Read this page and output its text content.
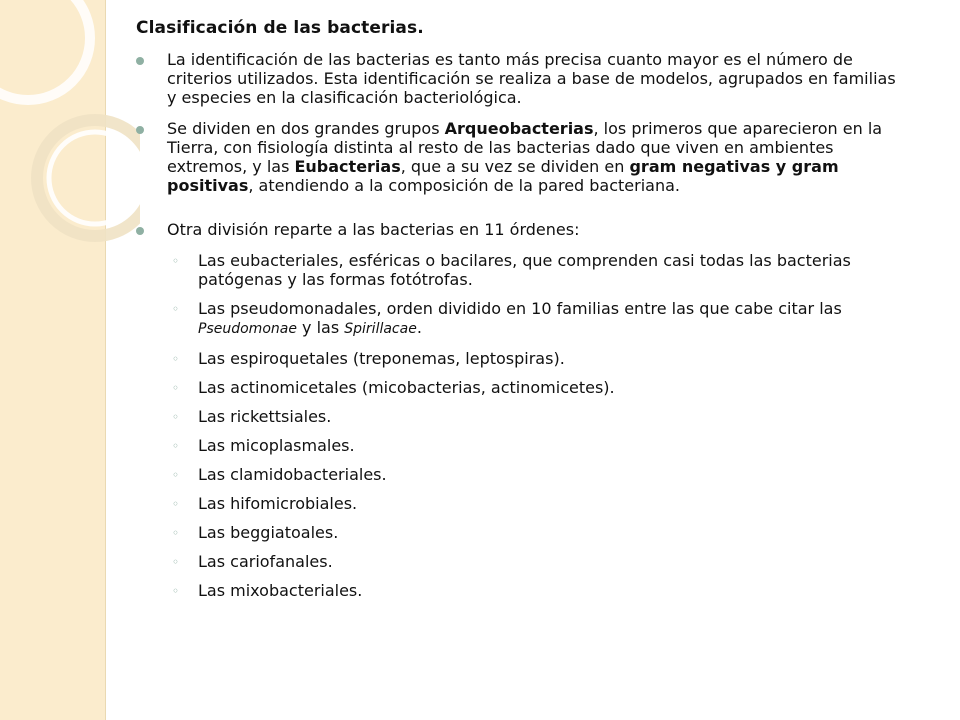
Clasificación de las bacterias.
La identificación de las bacterias es tanto más precisa cuanto mayor es el número de criterios utilizados. Esta identificación se realiza a base de modelos, agrupados en familias y especies en la clasificación bacteriológica.
Se dividen en dos grandes grupos Arqueobacterias, los primeros que aparecieron en la Tierra, con fisiología distinta al resto de las bacterias dado que viven en ambientes extremos, y las Eubacterias, que a su vez se dividen en gram negativas y gram positivas, atendiendo a la composición de la pared bacteriana.
Otra división reparte a las bacterias en 11 órdenes:
◦ Las eubacteriales, esféricas o bacilares, que comprenden casi todas las bacterias patógenas y las formas fotótrofas.
◦ Las pseudomonadales, orden dividido en 10 familias entre las que cabe citar las Pseudomonae y las Spirillacae.
◦ Las espiroquetales (treponemas, leptospiras).
◦ Las actinomicetales (micobacterias, actinomicetes).
◦ Las rickettsiales.
◦ Las micoplasmales.
◦ Las clamidobacteriales.
◦ Las hifomicrobiales.
◦ Las beggiatoales.
◦ Las cariofanales.
◦ Las mixobacteriales.
